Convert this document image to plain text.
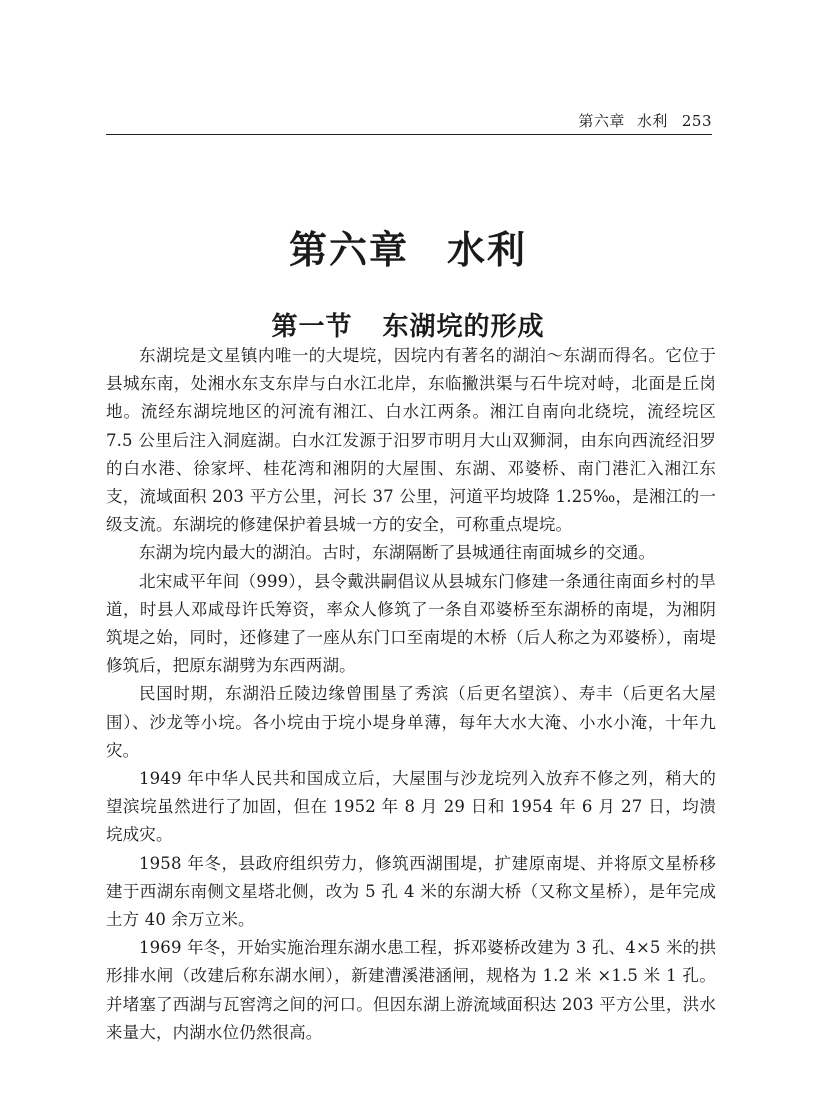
第六章 水利 253
第六章 水利
第一节 东湖垸的形成

东湖垸是文星镇内唯一的大堤垸，因垸内有著名的湖泊～东湖而得名。它位于县城东南，处湘水东支东岸与白水江北岸，东临撇洪渠与石牛垸对峙，北面是丘岗地。流经东湖垸地区的河流有湘江、白水江两条。湘江自南向北绕垸，流经垸区 7.5 公里后注入洞庭湖。白水江发源于汨罗市明月大山双狮洞，由东向西流经汨罗的白水港、徐家坪、桂花湾和湘阴的大屋围、东湖、邓婆桥、南门港汇入湘江东支，流域面积 203 平方公里，河长 37 公里，河道平均坡降 1.25‰，是湘江的一级支流。东湖垸的修建保护着县城一方的安全，可称重点堤垸。

东湖为垸内最大的湖泊。古时，东湖隔断了县城通往南面城乡的交通。

北宋咸平年间（999），县令戴洪嗣倡议从县城东门修建一条通往南面乡村的旱道，时县人邓咸母许氏筹资，率众人修筑了一条自邓婆桥至东湖桥的南堤，为湘阴筑堤之始，同时，还修建了一座从东门口至南堤的木桥（后人称之为邓婆桥），南堤修筑后，把原东湖劈为东西两湖。

民国时期，东湖沿丘陵边缘曾围垦了秀滨（后更名望滨）、寿丰（后更名大屋围）、沙龙等小垸。各小垸由于垸小堤身单薄，每年大水大淹、小水小淹，十年九灾。

1949 年中华人民共和国成立后，大屋围与沙龙垸列入放弃不修之列，稍大的望滨垸虽然进行了加固，但在 1952 年 8 月 29 日和 1954 年 6 月 27 日，均溃垸成灾。

1958 年冬，县政府组织劳力，修筑西湖围堤，扩建原南堤、并将原文星桥移建于西湖东南侧文星塔北侧，改为 5 孔 4 米的东湖大桥（又称文星桥），是年完成土方 40 余万立米。

1969 年冬，开始实施治理东湖水患工程，拆邓婆桥改建为 3 孔、4×5 米的拱形排水闸（改建后称东湖水闸），新建漕溪港涵闸，规格为 1.2 米 ×1.5 米 1 孔。并堵塞了西湖与瓦窖湾之间的河口。但因东湖上游流域面积达 203 平方公里，洪水来量大，内湖水位仍然很高。
